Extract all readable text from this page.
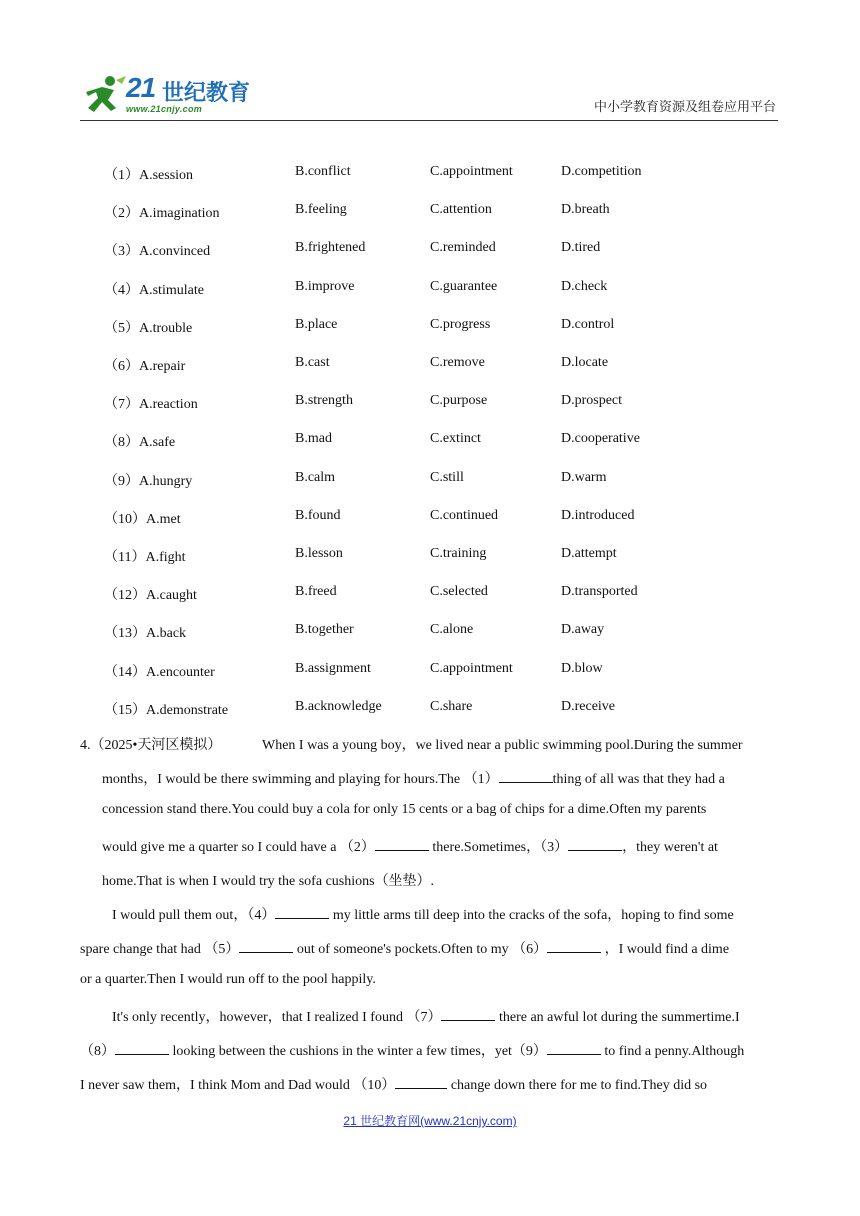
21 世纪教育
www.21cnjy.com	中小学教育资源及组卷应用平台
（1）A.session	B.conflict	C.appointment	D.competition
（2）A.imagination	B.feeling	C.attention	D.breath
（3）A.convinced	B.frightened	C.reminded	D.tired
（4）A.stimulate	B.improve	C.guarantee	D.check
（5）A.trouble	B.place	C.progress	D.control
（6）A.repair	B.cast	C.remove	D.locate
（7）A.reaction	B.strength	C.purpose	D.prospect
（8）A.safe	B.mad	C.extinct	D.cooperative
（9）A.hungry	B.calm	C.still	D.warm
（10）A.met	B.found	C.continued	D.introduced
（11）A.fight	B.lesson	C.training	D.attempt
（12）A.caught	B.freed	C.selected	D.transported
（13）A.back	B.together	C.alone	D.away
（14）A.encounter	B.assignment	C.appointment	D.blow
（15）A.demonstrate	B.acknowledge	C.share	D.receive
4.（2025•天河区模拟）	When I was a young boy，we lived near a public swimming pool.During the summer
months，I would be there swimming and playing for hours.The （1）	thing of all was that they had a
concession stand there.You could buy a cola for only 15 cents or a bag of chips for a dime.Often my parents
would give me a quarter so I could have a （2）	there.Sometimes，（3）	，they weren't at
home.That is when I would try the sofa cushions（坐垫）.
I would pull them out，（4）	my little arms till deep into the cracks of the sofa，hoping to find some
spare change that had （5）	out of someone's pockets.Often to my （6）	，I would find a dime
or a quarter.Then I would run off to the pool happily.
It's only recently，however，that I realized I found （7）	there an awful lot during the summertime.I
（8）	looking between the cushions in the winter a few times，yet（9）	to find a penny.Although
I never saw them，I think Mom and Dad would （10）	change down there for me to find.They did so
21 世纪教育网(www.21cnjy.com)
